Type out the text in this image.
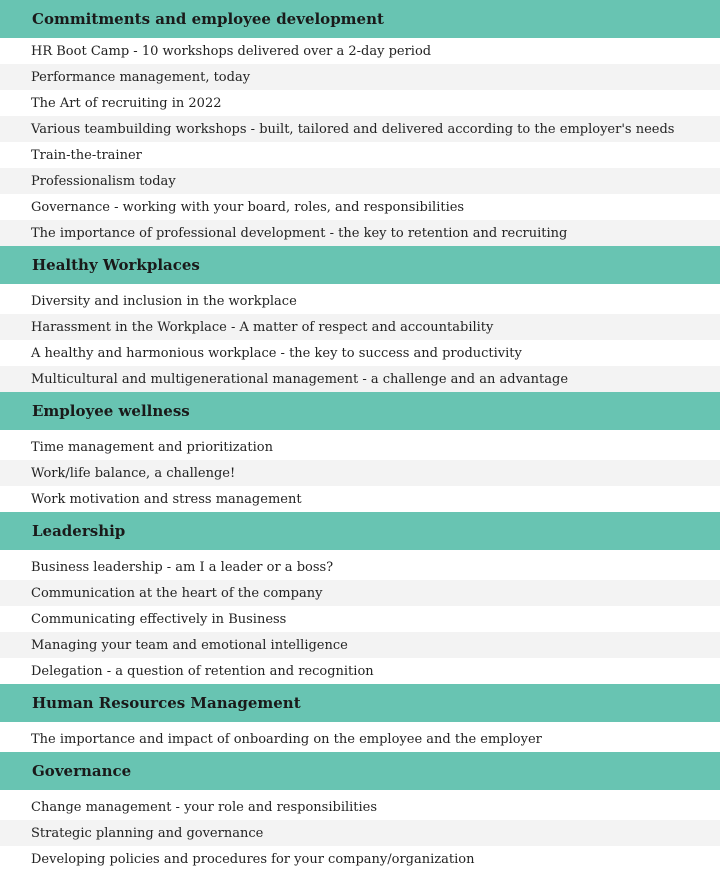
Commitments and employee development
HR Boot Camp - 10 workshops delivered over a 2-day period
Performance management, today
The Art of recruiting in 2022
Various teambuilding workshops - built, tailored and delivered according to the employer's needs
Train-the-trainer
Professionalism today
Governance - working with your board, roles, and responsibilities
The importance of professional development - the key to retention and recruiting
Healthy Workplaces
Diversity and inclusion in the workplace
Harassment in the Workplace - A matter of respect and accountability
A healthy and harmonious workplace - the key to success and productivity
Multicultural and multigenerational management - a challenge and an advantage
Employee wellness
Time management and prioritization
Work/life balance, a challenge!
Work motivation and stress management
Leadership
Business leadership - am I a leader or a boss?
Communication at the heart of the company
Communicating effectively in Business
Managing your team and emotional intelligence
Delegation - a question of retention and recognition
Human Resources Management
The importance and impact of onboarding on the employee and the employer
Governance
Change management - your role and responsibilities
Strategic planning and governance
Developing policies and procedures for your company/organization
